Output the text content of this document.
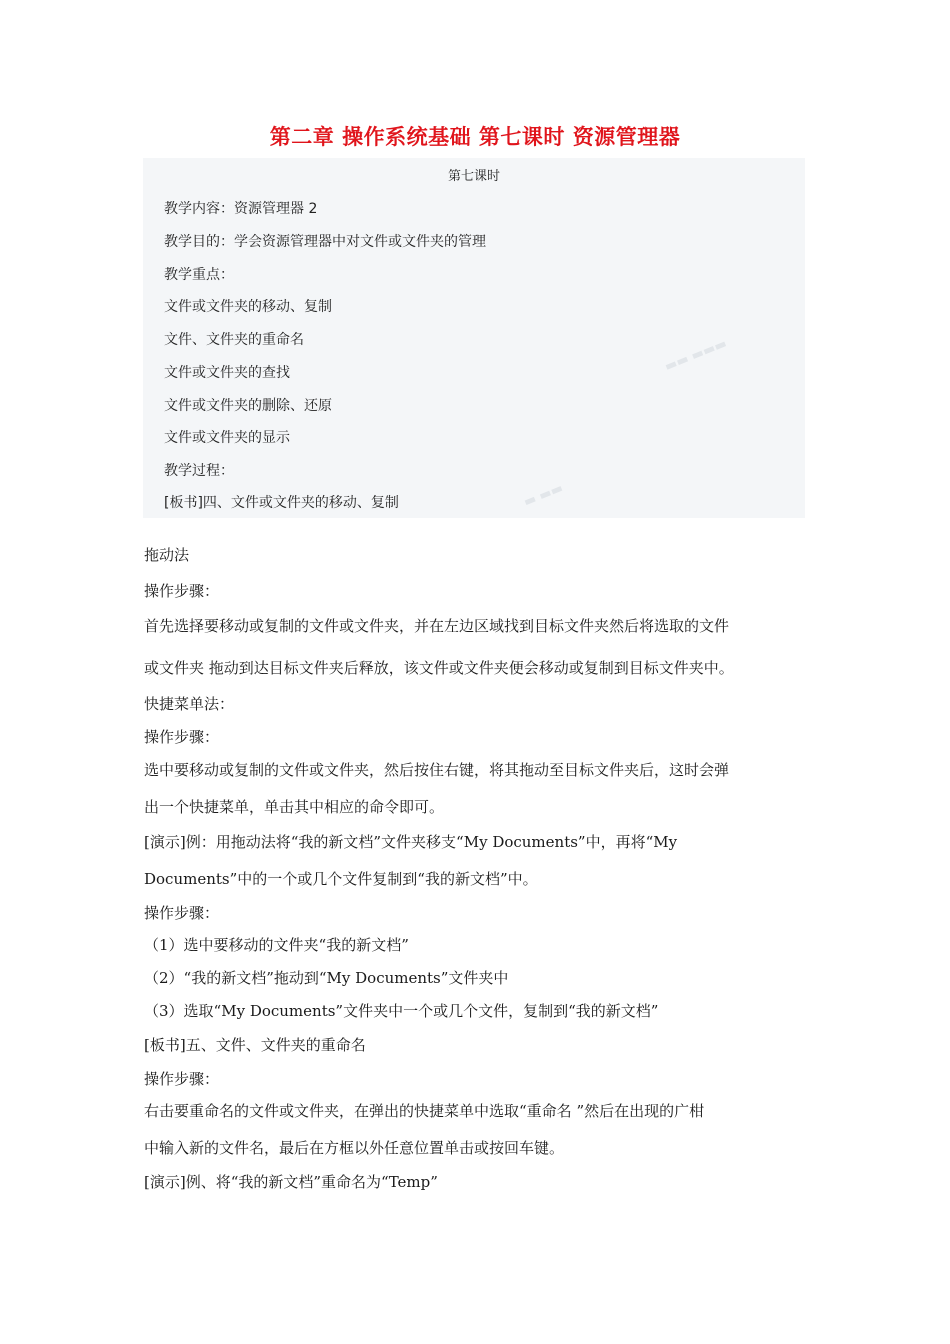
第二章 操作系统基础 第七课时 资源管理器
▬▬ ▬▬▬
▬ ▬▬
第七课时
教学内容：资源管理器 2
教学目的：学会资源管理器中对文件或文件夹的管理
教学重点：
文件或文件夹的移动、复制
文件、文件夹的重命名
文件或文件夹的查找
文件或文件夹的删除、还原
文件或文件夹的显示
教学过程：
[板书]四、文件或文件夹的移动、复制
拖动法
操作步骤：
首先选择要移动或复制的文件或文件夹，并在左边区域找到目标文件夹然后将选取的文件
或文件夹 拖动到达目标文件夹后释放，该文件或文件夹便会移动或复制到目标文件夹中。
快捷菜单法：
操作步骤：
选中要移动或复制的文件或文件夹，然后按住右键，将其拖动至目标文件夹后，这时会弹
出一个快捷菜单，单击其中相应的命令即可。
[演示]例：用拖动法将“我的新文档”文件夹移支“My Documents”中，再将“My
Documents”中的一个或几个文件复制到“我的新文档”中。
操作步骤：
（1）选中要移动的文件夹“我的新文档”
（2）“我的新文档”拖动到“My Documents”文件夹中
（3）选取“My Documents”文件夹中一个或几个文件，复制到“我的新文档”
[板书]五、文件、文件夹的重命名
操作步骤：
右击要重命名的文件或文件夹，在弹出的快捷菜单中选取“重命名 ”然后在出现的广柑
中输入新的文件名，最后在方框以外任意位置单击或按回车键。
[演示]例、将“我的新文档”重命名为“Temp”
